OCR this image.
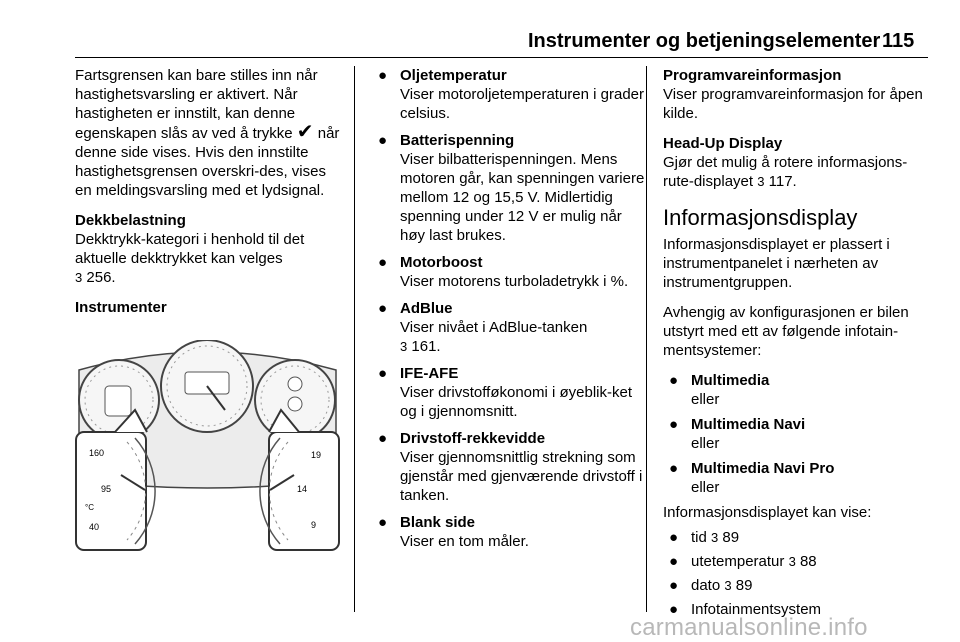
Instrumenter og betjeningselementer 115

Fartsgrensen kan bare stilles inn når hastighetsvarsling er aktivert. Når hastigheten er innstilt, kan denne egenskapen slås av ved å trykke ✔ når denne side vises. Hvis den innstilte hastighetsgrensen overskri-des, vises en meldingsvarsling med et lydsignal.

Dekkbelastning

Dekktrykk-kategori i henhold til det aktuelle dekktrykket kan velges
3 256.

Instrumenter
160
95
°C
40
19
14
9
● Oljetemperatur
Viser motoroljetemperaturen i grader celsius.
● Batterispenning
Viser bilbatterispenningen. Mens motoren går, kan spenningen variere mellom 12 og 15,5 V. Midlertidig spenning under 12 V er mulig når høy last brukes.
● Motorboost
Viser motorens turboladetrykk i %.
● AdBlue
Viser nivået i AdBlue-tanken
3 161.
● IFE-AFE
Viser drivstofføkonomi i øyeblik-ket og i gjennomsnitt.
● Drivstoff-rekkevidde
Viser gjennomsnittlig strekning som gjenstår med gjenværende drivstoff i tanken.
● Blank side
Viser en tom måler.
Programvareinformasjon

Viser programvareinformasjon for åpen kilde.

Head-Up Display

Gjør det mulig å rotere informasjons-rute-displayet 3 117.

Informasjonsdisplay

Informasjonsdisplayet er plassert i instrumentpanelet i nærheten av instrumentgruppen.

Avhengig av konfigurasjonen er bilen utstyrt med ett av følgende infotain-mentsystemer:

● Multimedia
eller
● Multimedia Navi
eller
● Multimedia Navi Pro
eller
Informasjonsdisplayet kan vise:
● tid 3 89
● utetemperatur 3 88
● dato 3 89
● Infotainmentsystem
carmanualsonline.info
